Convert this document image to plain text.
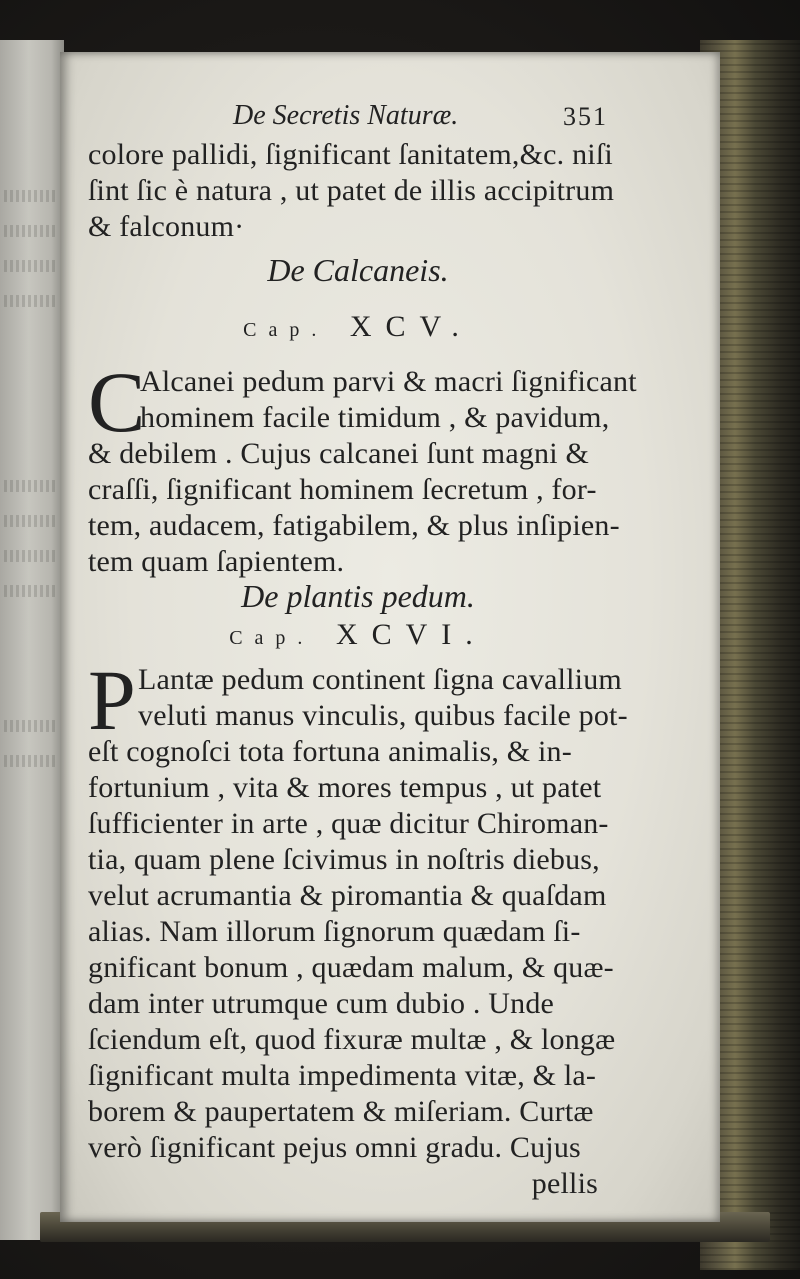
De Secretis Naturæ.	351
colore pallidi, ſignificant ſanitatem,&c. niſi
ſint ſic è natura , ut patet de illis accipitrum
& falconum·
De Calcaneis.
Cap. XCV.
C
Alcanei pedum parvi & macri ſignificant
hominem facile timidum , & pavidum,
& debilem . Cujus calcanei ſunt magni &
craſſi, ſignificant hominem ſecretum , for-
tem, audacem, fatigabilem, & plus inſipien-
tem quam ſapientem.
De plantis pedum.
Cap. XCVI.
P Lantæ pedum continent ſigna cavallium
veluti manus vinculis, quibus facile pot-
eſt cognoſci tota fortuna animalis, & in-
fortunium , vita & mores tempus , ut patet
ſufficienter in arte , quæ dicitur Chiroman-
tia, quam plene ſcivimus in noſtris diebus,
velut acrumantia & piromantia & quaſdam
alias. Nam illorum ſignorum quædam ſi-
gnificant bonum , quædam malum, & quæ-
dam inter utrumque cum dubio . Unde
ſciendum eſt, quod fixuræ multæ , & longæ
ſignificant multa impedimenta vitæ, & la-
borem & paupertatem & miſeriam. Curtæ
verò ſignificant pejus omni gradu. Cujus
pellis
